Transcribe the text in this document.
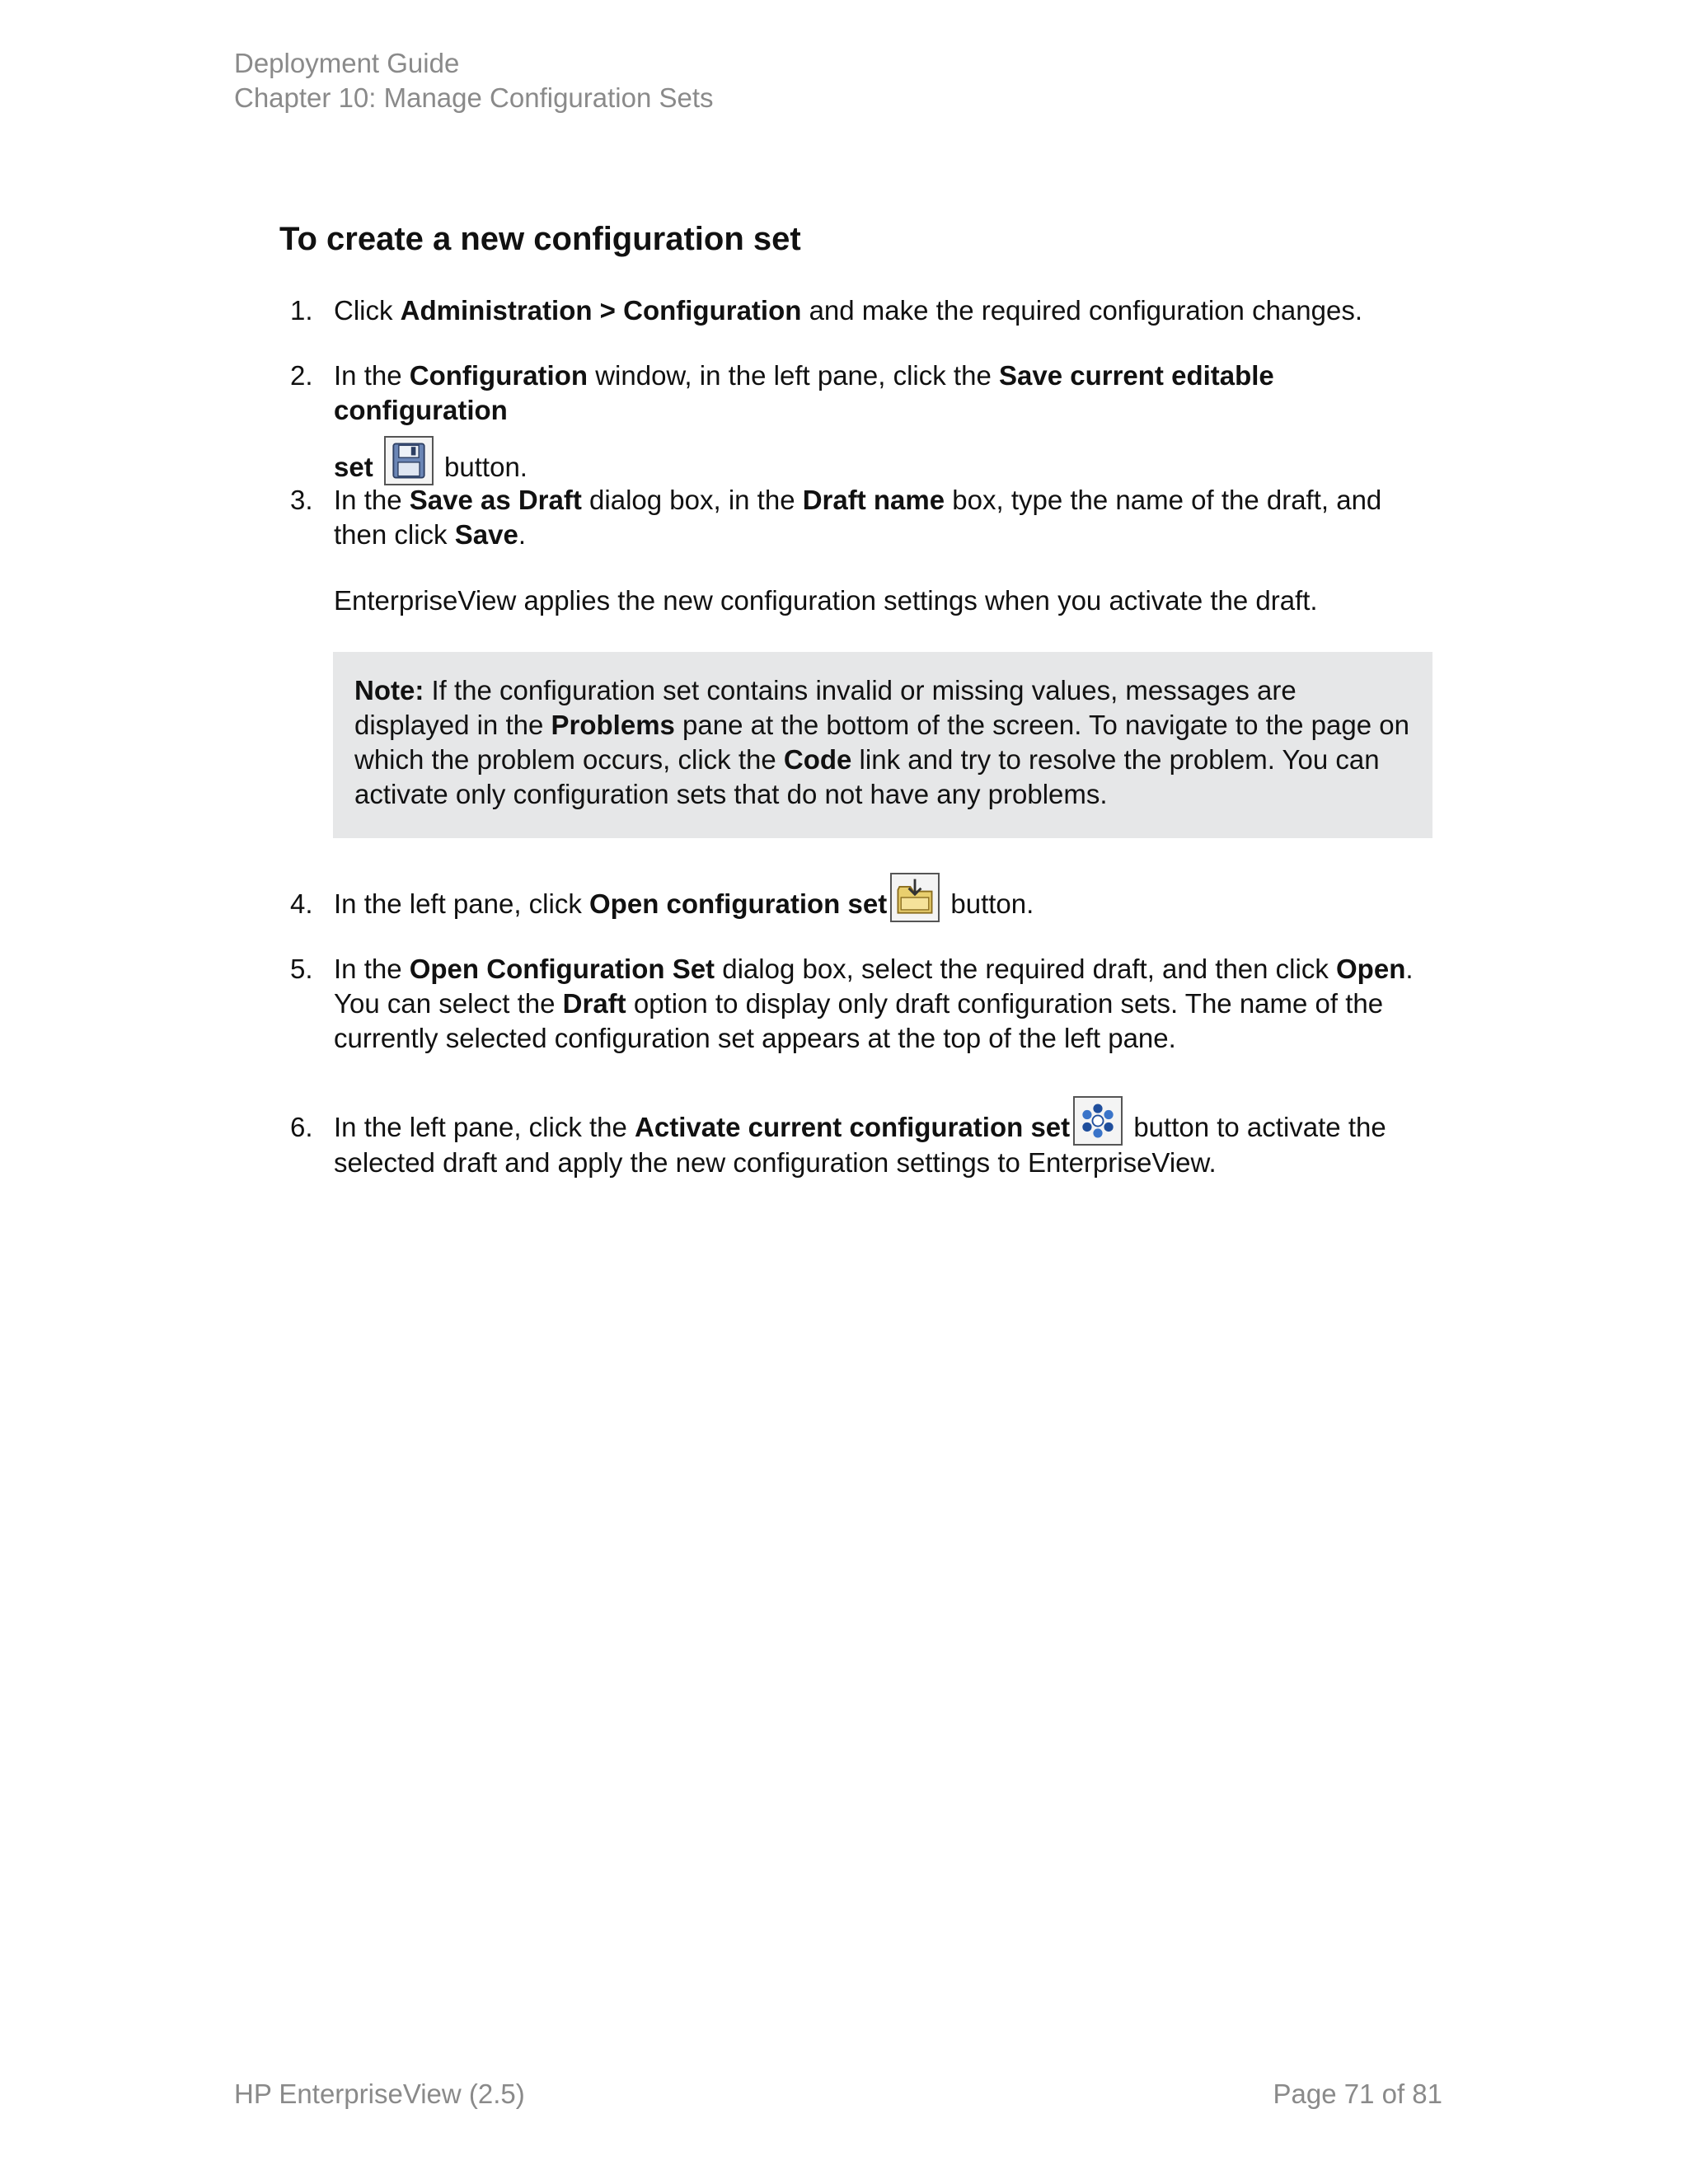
Deployment Guide
Chapter 10: Manage Configuration Sets
To create a new configuration set
1. Click Administration > Configuration and make the required configuration changes.
2. In the Configuration window, in the left pane, click the Save current editable configuration
set
button.
3. In the Save as Draft dialog box, in the Draft name box, type the name of the draft, and then click Save.
EnterpriseView applies the new configuration settings when you activate the draft.
Note: If the configuration set contains invalid or missing values, messages are displayed in the Problems pane at the bottom of the screen. To navigate to the page on which the problem occurs, click the Code link and try to resolve the problem. You can activate only configuration sets that do not have any problems.
4. In the left pane, click Open configuration set
button.
5. In the Open Configuration Set dialog box, select the required draft, and then click Open. You can select the Draft option to display only draft configuration sets. The name of the currently selected configuration set appears at the top of the left pane.
6. In the left pane, click the Activate current configuration set
button to activate the selected draft and apply the new configuration settings to EnterpriseView.
HP EnterpriseView (2.5)	Page 71 of 81
